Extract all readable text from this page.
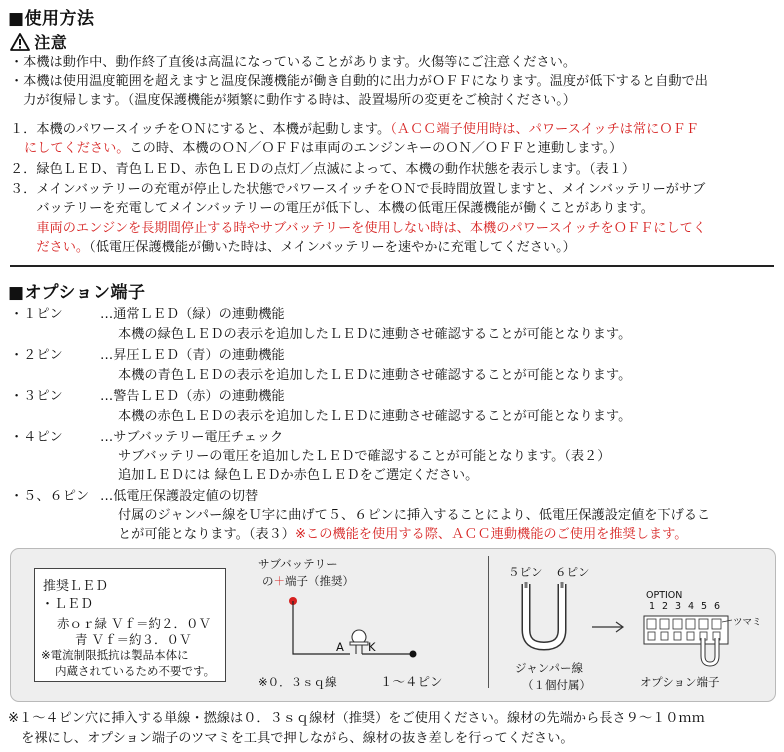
■使用方法
注意
・本機は動作中、動作終了直後は高温になっていることがあります。火傷等にご注意ください。
・本機は使用温度範囲を超えますと温度保護機能が働き自動的に出力がＯＦＦになります。温度が低下すると自動で出
　力が復帰します。（温度保護機能が頻繁に動作する時は、設置場所の変更をご検討ください。）
１．本機のパワースイッチをＯＮにすると、本機が起動します。（ＡＣＣ端子使用時は、パワースイッチは常にＯＦＦ
にしてください。この時、本機のＯＮ／ＯＦＦは車両のエンジンキーのＯＮ／ＯＦＦと連動します。）
２．緑色ＬＥＤ、青色ＬＥＤ、赤色ＬＥＤの点灯／点滅によって、本機の動作状態を表示します。（表１）
３．メインバッテリーの充電が停止した状態でパワースイッチをＯＮで長時間放置しますと、メインバッテリーがサブ
　　バッテリーを充電してメインバッテリーの電圧が低下し、本機の低電圧保護機能が働くことがあります。
　　車両のエンジンを長期間停止する時やサブバッテリーを使用しない時は、本機のパワースイッチをＯＦＦにしてく
　　ださい。（低電圧保護機能が働いた時は、メインバッテリーを速やかに充電してください。）
■オプション端子
・１ピン	…通常ＬＥＤ（緑）の連動機能
本機の緑色ＬＥＤの表示を追加したＬＥＤに連動させ確認することが可能となります。
・２ピン	…昇圧ＬＥＤ（青）の連動機能
本機の青色ＬＥＤの表示を追加したＬＥＤに連動させ確認することが可能となります。
・３ピン	…警告ＬＥＤ（赤）の連動機能
本機の赤色ＬＥＤの表示を追加したＬＥＤに連動させ確認することが可能となります。
・４ピン	…サブバッテリー電圧チェック
サブバッテリーの電圧を追加したＬＥＤで確認することが可能となります。（表２）
追加ＬＥＤには 緑色ＬＥＤか赤色ＬＥＤをご選定ください。
・５、６ピン …低電圧保護設定値の切替
付属のジャンパー線をＵ字に曲げて５、６ピンに挿入することにより、低電圧保護設定値を下げるこ
とが可能となります。（表３）※この機能を使用する際、ＡＣＣ連動機能のご使用を推奨します。
推奨ＬＥＤ
・ＬＥＤ
赤ｏｒ緑 Ｖｆ＝約２．０Ｖ
青 Ｖｆ＝約３．０Ｖ
※電流制限抵抗は製品本体に
内蔵されているため不要です。
サブバッテリー
の＋端子（推奨）
A K
※０．３ｓｑ線	１～４ピン
５ピン ６ピン
ジャンパー線
（１個付属）
OPTION
1 2 3 4 5 6
ツマミ
オプション端子
※１～４ピン穴に挿入する単線・撚線は０．３ｓｑ線材（推奨）をご使用ください。線材の先端から長さ９～１０ｍｍ
　を裸にし、オプション端子のツマミを工具で押しながら、線材の抜き差しを行ってください。
